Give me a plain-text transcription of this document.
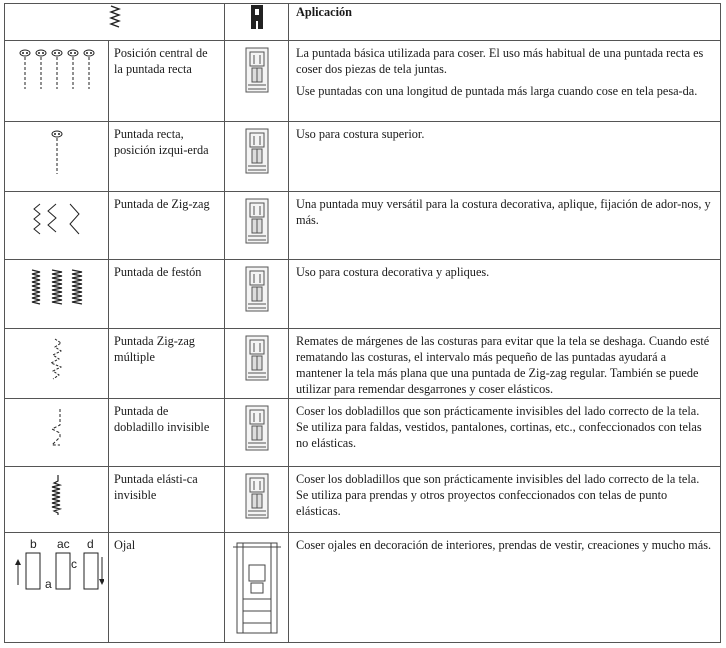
	Aplicación

	Posición central de la puntada recta		La puntada básica utilizada para coser. El uso más habitual de una puntada recta es coser dos piezas de tela juntas.

Use puntadas con una longitud de puntada más larga cuando cose en tela pesa-da.

	Puntada recta, posición izqui-erda		Uso para costura superior.

	Puntada de Zig-zag		Una puntada muy versátil para la costura decorativa, aplique, fijación de ador-nos, y más.

	Puntada de festón		Uso para costura decorativa y apliques.

	Puntada Zig-zag múltiple		Remates de márgenes de las costuras para evitar que la tela se deshaga. Cuando esté rematando las costuras, el intervalo más pequeño de las puntadas ayudará a mantener la tela más plana que una puntada de Zig-zag regular. También se puede utilizar para remendar desgarrones y coser elásticos.

	Puntada de dobladillo invisible		Coser los dobladillos que son prácticamente invisibles del lado correcto de la tela. Se utiliza para faldas, vestidos, pantalones, cortinas, etc., confeccionados con telas no elásticas.

	Puntada elásti-ca invisible		Coser los dobladillos que son prácticamente invisibles del lado correcto de la tela. Se utiliza para prendas y otros proyectos confeccionados con telas de punto elásticas.

b ac d
a
c	Ojal		Coser ojales en decoración de interiores, prendas de vestir, creaciones y mucho más.
